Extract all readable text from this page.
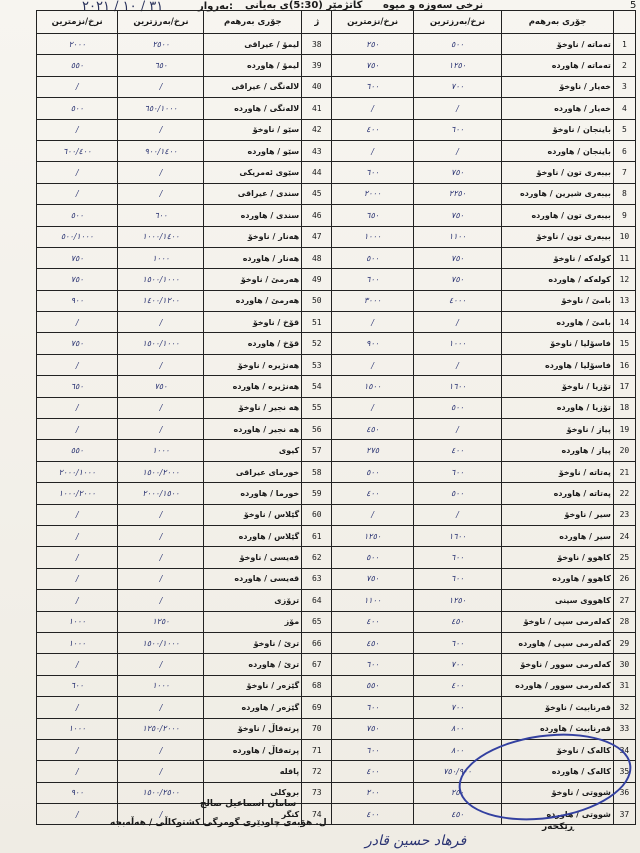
5
نرخی سەوزە و میوە
کاتژمێر (5:30)ی بەیانی
بەروار:
٣١ / ١٠ / ٢٠٢١
نرخ/نزمترین	نرخ/بەرزترین	جۆری بەرهەم	ژ	نرخ/نزمترین	نرخ/بەرزترین	جۆری بەرهەم	
٢٠٠٠	٢٥٠٠	لیمۆ / عیراقی	38	٢٥٠	٥٠٠	تەماتە / ناوخۆ	1
٥٥٠	٦٥٠	لیمۆ / هاوردە	39	٧٥٠	١٢٥٠	تەماتە / هاوردە	2
/	/	لالەنگی / عیراقی	40	٦٠٠	٧٠٠	خەیار / ناوخۆ	3
٥٠٠	٦٥٠/١٠٠٠	لالەنگی / هاوردە	41	/	/	خەیار / هاوردە	4
/	/	سێو / ناوخۆ	42	٤٠٠	٦٠٠	باینجان / ناوخۆ	5
٦٠٠/٤٠٠	٩٠٠/١٤٠٠	سێو / هاوردە	43	/	/	باینجان / هاوردە	6
/	/	سێوی ئەمریکی	44	٦٠٠	٧٥٠	بیبەری تون / ناوخۆ	7
/	/	سندی / عیراقی	45	٢٠٠٠	٢٢٥٠	بیبەری شیرین / هاوردە	8
٥٠٠	٦٠٠	سندی / هاوردە	46	٦٥٠	٧٥٠	بیبەری تون / هاوردە	9
٥٠٠/١٠٠٠	١٠٠٠/١٤٠٠	هەنار / ناوخۆ	47	١٠٠٠	١١٠٠	بیبەری تون / ناوخۆ	10
٧٥٠	١٠٠٠	هەنار / هاوردە	48	٥٠٠	٧٥٠	کولەکە / ناوخۆ	11
٧٥٠	١٥٠٠/١٠٠٠	هەرمێ / ناوخۆ	49	٦٠٠	٧٥٠	کولەکە / هاوردە	12
٩٠٠	١٤٠٠/١٢٠٠	هەرمێ / هاوردە	50	٣٠٠٠	٤٠٠٠	بامێ / ناوخۆ	13
/	/	قۆخ / ناوخۆ	51	/	/	بامێ / هاوردە	14
٧٥٠	١٥٠٠/١٠٠٠	قۆخ / هاوردە	52	٩٠٠	١٠٠٠	فاسۆلیا / ناوخۆ	15
/	/	هەنژیرە / ناوخۆ	53	/	/	فاسۆلیا / هاوردە	16
٦٥٠	٧٥٠	هەنژیرە / هاوردە	54	١٥٠٠	١٦٠٠	تۆزیا / ناوخۆ	17
/	/	هە نجیر / ناوخۆ	55	/	٥٠٠	تۆزیا / هاوردە	18
/	/	هە نجیر / هاوردە	56	٤٥٠	/	پیاز / ناوخۆ	19
٥٥٠	١٠٠٠	کیوی	57	٢٧٥	٤٠٠	پیاز / هاوردە	20
٢٠٠٠/١٠٠٠	١٥٠٠/٢٠٠٠	خورمای عیراقی	58	٥٠٠	٦٠٠	پەتاتە / ناوخۆ	21
١٠٠٠/٢٠٠٠	٢٠٠٠/١٥٠٠	خورما / هاوردە	59	٤٠٠	٥٠٠	پەتاتە / هاوردە	22
/	/	گێلاس / ناوخۆ	60	/	/	سیر / ناوخۆ	23
/	/	گێلاس / هاوردە	61	١٢٥٠	١٦٠٠	سیر / هاوردە	24
/	/	قەیسی / ناوخۆ	62	٥٠٠	٦٠٠	کاهوو / ناوخۆ	25
/	/	قەیسی / هاوردە	63	٧٥٠	٦٠٠	کاهوو / هاوردە	26
/	/	ترۆزی	64	١١٠٠	١٢٥٠	کاهووی سینی	27
١٠٠٠	١٢٥٠	مۆز	65	٤٠٠	٤٥٠	کەلەرمی سپی / ناوخۆ	28
١٠٠٠	١٥٠٠/١٠٠٠	ترێ / ناوخۆ	66	٤٥٠	٦٠٠	کەلەرمی سپی / هاوردە	29
/	/	ترێ / هاوردە	67	٦٠٠	٧٠٠	کەلەرمی سوور / ناوخۆ	30
٦٠٠	١٠٠٠	گێزەر / ناوخۆ	68	٥٥٠	٤٠٠	کەلەرمی سوور / هاوردە	31
/	/	گێزەر / هاوردە	69	٦٠٠	٧٠٠	قەرنابیت / ناوخۆ	32
١٠٠٠	١٢٥٠/٢٠٠٠	پرتەقاڵ / ناوخۆ	70	٧٥٠	٨٠٠	قەرنابیت / هاوردە	33
/	/	پرتەقاڵ / هاوردە	71	٦٠٠	٨٠٠	کالەک / ناوخۆ	34
/	/	پاقلە	72	٤٠٠	٧٥٠/٩٠٠	کالەک / هاوردە	35
٩٠٠	١٥٠٠/٢٥٠٠	بروکلی	73	٢٠٠	٢٥٠	شووتی / ناوخۆ	36
/	/	کنگر	74	٤٠٠	٤٥٠	شووتی / هاوردە	37
سامان اسماعیل صالح
ل. هۆبەی چاودێری گومرگی کشتوکاڵی / هەڵەبجە	ڕێکخەر
فرهاد حسین قادر
